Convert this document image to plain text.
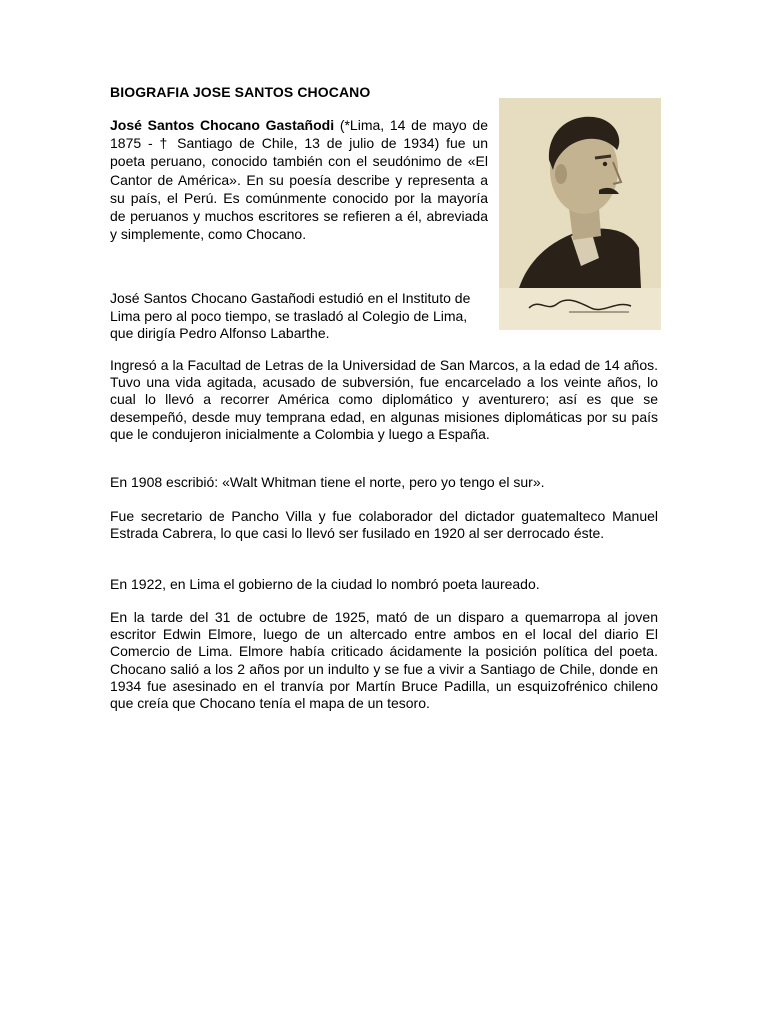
BIOGRAFIA JOSE SANTOS CHOCANO
José Santos Chocano Gastañodi (*Lima, 14 de mayo de 1875 - † Santiago de Chile, 13 de julio de 1934) fue un poeta peruano, conocido también con el seudónimo de «El Cantor de América». En su poesía describe y representa a su país, el Perú. Es comúnmente conocido por la mayoría de peruanos y muchos escritores se refieren a él, abreviada y simplemente, como Chocano.
José Santos Chocano Gastañodi estudió en el Instituto de Lima pero al poco tiempo, se trasladó al Colegio de Lima, que dirigía Pedro Alfonso Labarthe.
Ingresó a la Facultad de Letras de la Universidad de San Marcos, a la edad de 14 años. Tuvo una vida agitada, acusado de subversión, fue encarcelado a los veinte años, lo cual lo llevó a recorrer América como diplomático y aventurero; así es que se desempeñó, desde muy temprana edad, en algunas misiones diplomáticas por su país que le condujeron inicialmente a Colombia y luego a España.
En 1908 escribió: «Walt Whitman tiene el norte, pero yo tengo el sur».
Fue secretario de Pancho Villa y fue colaborador del dictador guatemalteco Manuel Estrada Cabrera, lo que casi lo llevó ser fusilado en 1920 al ser derrocado éste.
En 1922, en Lima el gobierno de la ciudad lo nombró poeta laureado.
En la tarde del 31 de octubre de 1925, mató de un disparo a quemarropa al joven escritor Edwin Elmore, luego de un altercado entre ambos en el local del diario El Comercio de Lima. Elmore había criticado ácidamente la posición política del poeta. Chocano salió a los 2 años por un indulto y se fue a vivir a Santiago de Chile, donde en 1934 fue asesinado en el tranvía por Martín Bruce Padilla, un esquizofrénico chileno que creía que Chocano tenía el mapa de un tesoro.
